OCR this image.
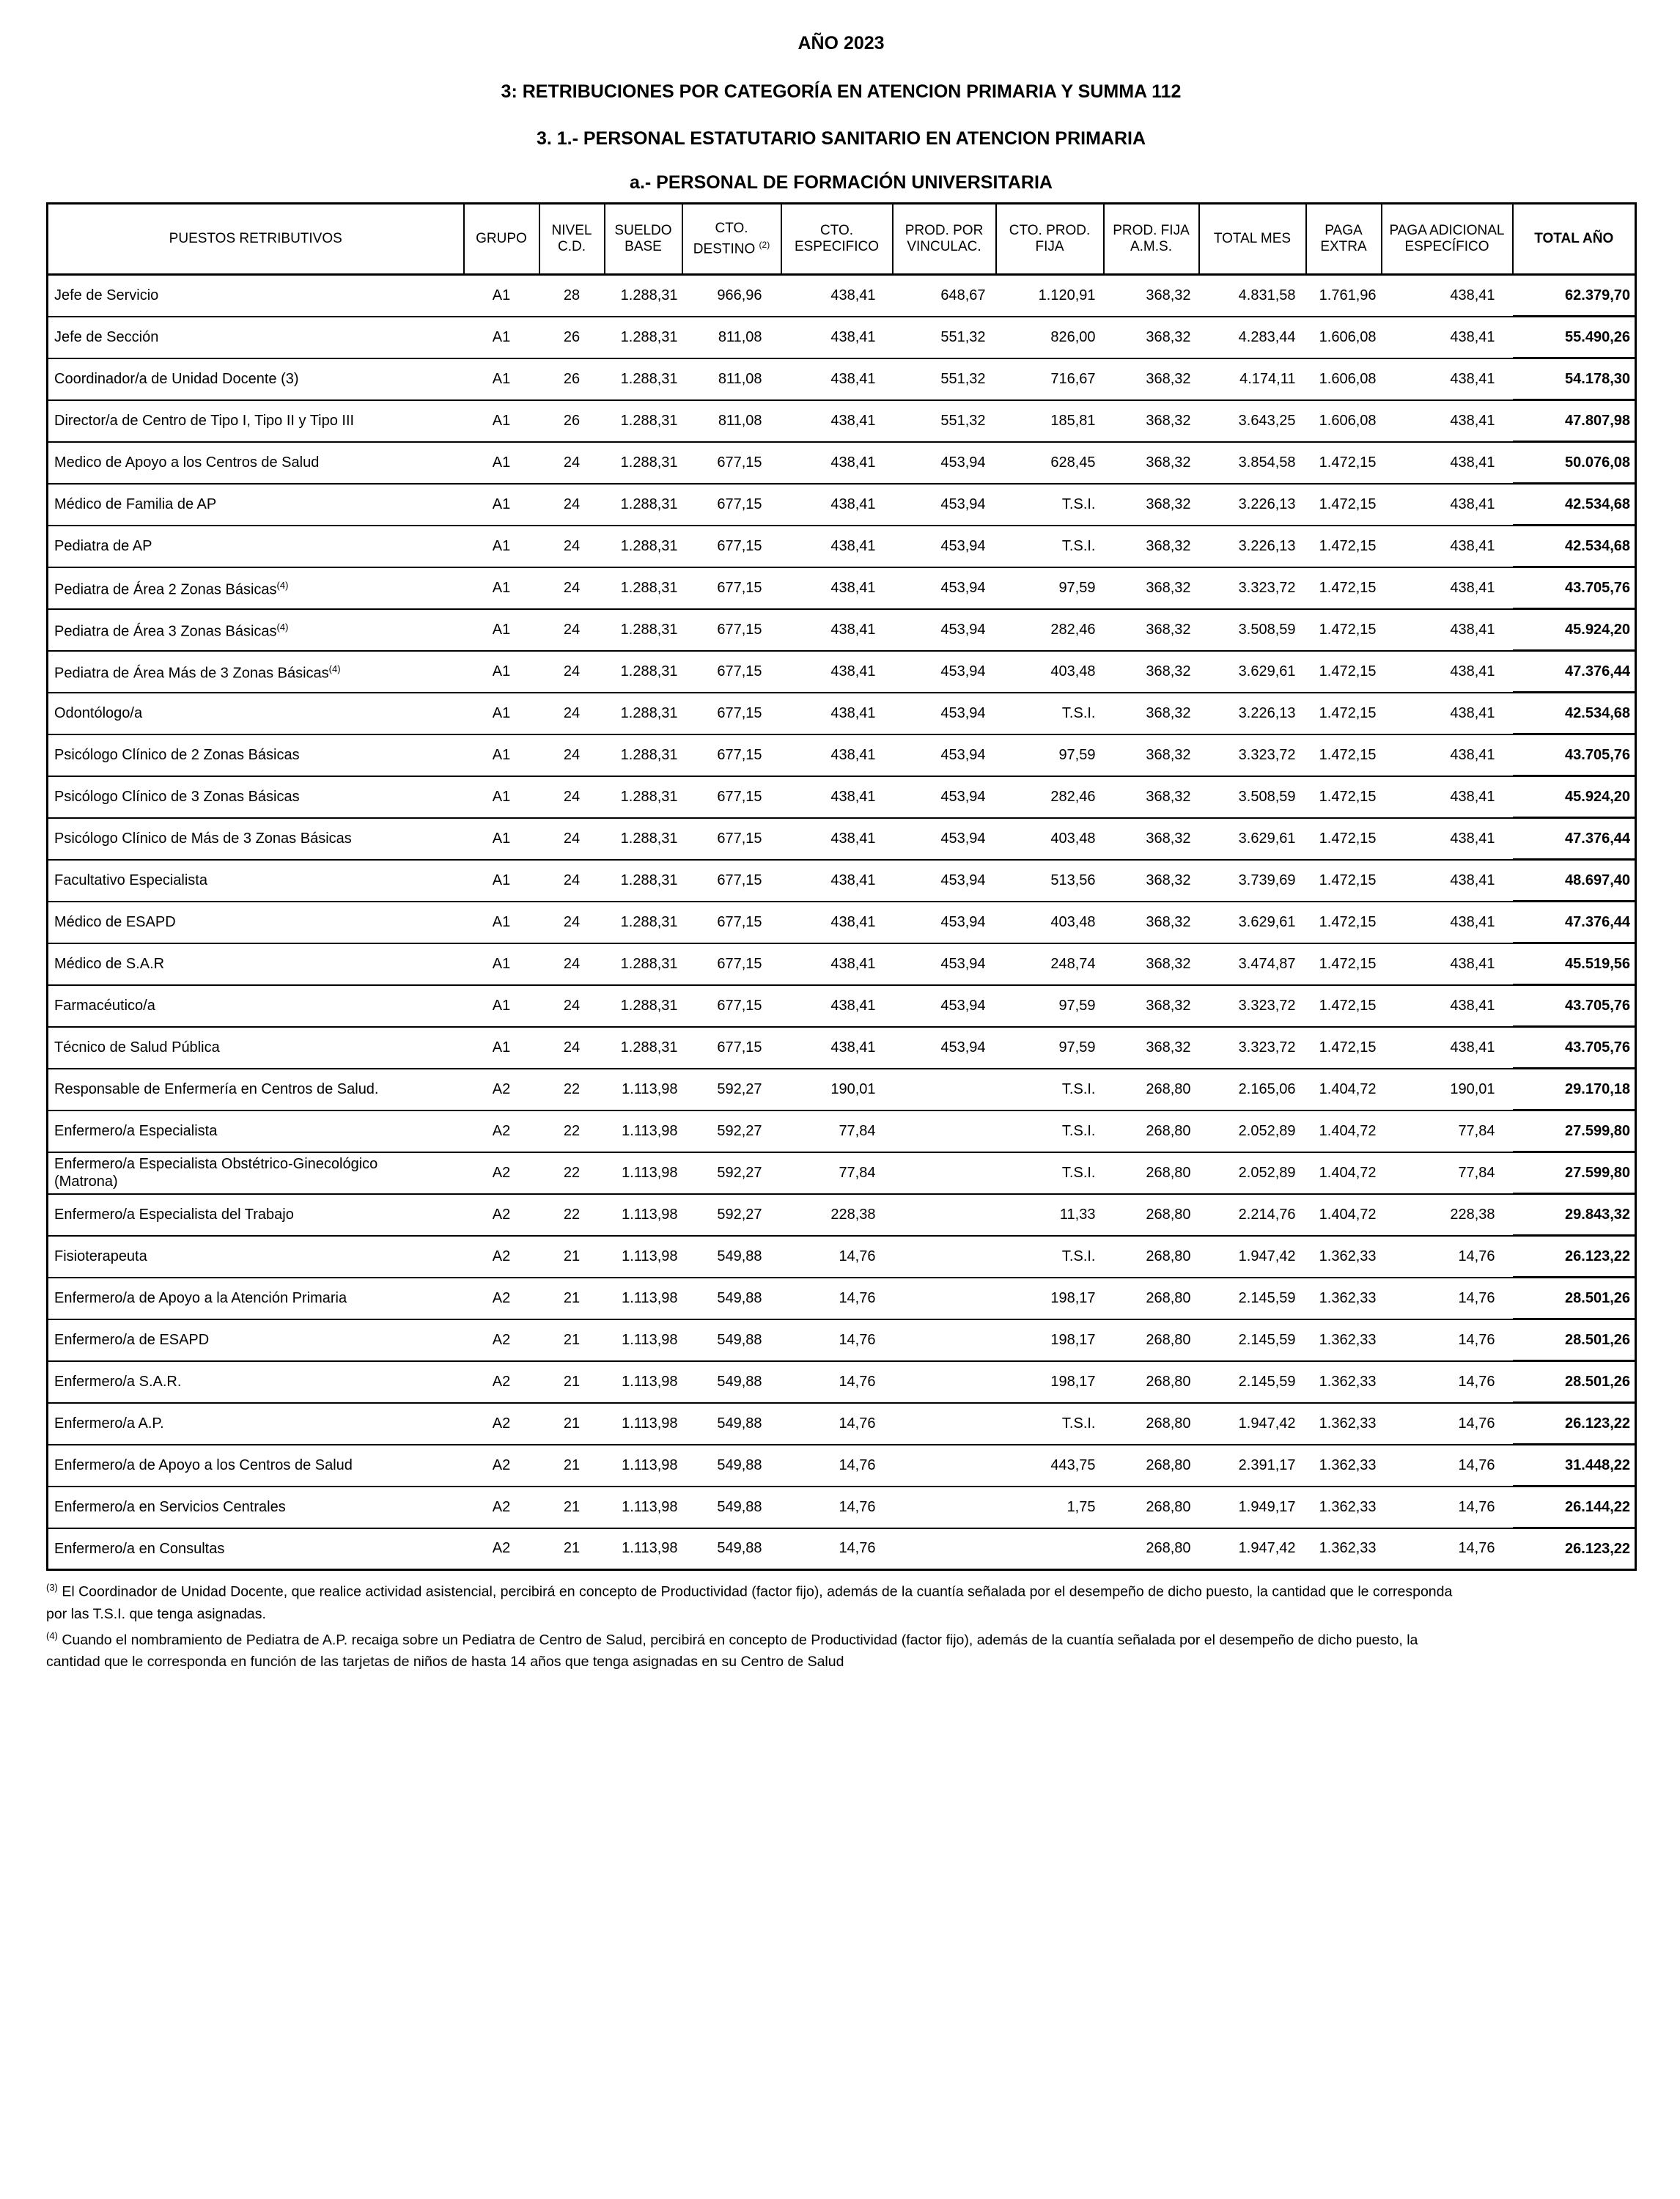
AÑO 2023
3: RETRIBUCIONES POR CATEGORÍA EN ATENCION PRIMARIA Y SUMMA 112
3. 1.- PERSONAL ESTATUTARIO SANITARIO EN ATENCION PRIMARIA
a.- PERSONAL DE FORMACIÓN UNIVERSITARIA
PUESTOS RETRIBUTIVOS	GRUPO	NIVEL C.D.	SUELDO BASE	CTO. DESTINO $^{(2)}$	CTO. ESPECIFICO	PROD. POR VINCULAC.	CTO. PROD. FIJA	PROD. FIJA A.M.S.	TOTAL MES	PAGA EXTRA	PAGA ADICIONAL ESPECÍFICO	TOTAL AÑO
Jefe de Servicio	A1	28	1.288,31	966,96	438,41	648,67	1.120,91	368,32	4.831,58	1.761,96	438,41	62.379,70
Jefe de Sección	A1	26	1.288,31	811,08	438,41	551,32	826,00	368,32	4.283,44	1.606,08	438,41	55.490,26
Coordinador/a de Unidad Docente (3)	A1	26	1.288,31	811,08	438,41	551,32	716,67	368,32	4.174,11	1.606,08	438,41	54.178,30
Director/a de Centro de Tipo I, Tipo II y Tipo III	A1	26	1.288,31	811,08	438,41	551,32	185,81	368,32	3.643,25	1.606,08	438,41	47.807,98
Medico de Apoyo a los Centros de Salud	A1	24	1.288,31	677,15	438,41	453,94	628,45	368,32	3.854,58	1.472,15	438,41	50.076,08
Médico de Familia de AP	A1	24	1.288,31	677,15	438,41	453,94	T.S.I.	368,32	3.226,13	1.472,15	438,41	42.534,68
Pediatra de AP	A1	24	1.288,31	677,15	438,41	453,94	T.S.I.	368,32	3.226,13	1.472,15	438,41	42.534,68
Pediatra de Área 2 Zonas Básicas$^{(4)}$	A1	24	1.288,31	677,15	438,41	453,94	97,59	368,32	3.323,72	1.472,15	438,41	43.705,76
Pediatra de Área 3 Zonas Básicas$^{(4)}$	A1	24	1.288,31	677,15	438,41	453,94	282,46	368,32	3.508,59	1.472,15	438,41	45.924,20
Pediatra de Área Más de 3 Zonas Básicas$^{(4)}$	A1	24	1.288,31	677,15	438,41	453,94	403,48	368,32	3.629,61	1.472,15	438,41	47.376,44
Odontólogo/a	A1	24	1.288,31	677,15	438,41	453,94	T.S.I.	368,32	3.226,13	1.472,15	438,41	42.534,68
Psicólogo Clínico de 2 Zonas Básicas	A1	24	1.288,31	677,15	438,41	453,94	97,59	368,32	3.323,72	1.472,15	438,41	43.705,76
Psicólogo Clínico de 3 Zonas Básicas	A1	24	1.288,31	677,15	438,41	453,94	282,46	368,32	3.508,59	1.472,15	438,41	45.924,20
Psicólogo Clínico de Más de 3 Zonas Básicas	A1	24	1.288,31	677,15	438,41	453,94	403,48	368,32	3.629,61	1.472,15	438,41	47.376,44
Facultativo Especialista	A1	24	1.288,31	677,15	438,41	453,94	513,56	368,32	3.739,69	1.472,15	438,41	48.697,40
Médico de ESAPD	A1	24	1.288,31	677,15	438,41	453,94	403,48	368,32	3.629,61	1.472,15	438,41	47.376,44
Médico de S.A.R	A1	24	1.288,31	677,15	438,41	453,94	248,74	368,32	3.474,87	1.472,15	438,41	45.519,56
Farmacéutico/a	A1	24	1.288,31	677,15	438,41	453,94	97,59	368,32	3.323,72	1.472,15	438,41	43.705,76
Técnico de Salud Pública	A1	24	1.288,31	677,15	438,41	453,94	97,59	368,32	3.323,72	1.472,15	438,41	43.705,76
Responsable de Enfermería en Centros de Salud.	A2	22	1.113,98	592,27	190,01		T.S.I.	268,80	2.165,06	1.404,72	190,01	29.170,18
Enfermero/a Especialista	A2	22	1.113,98	592,27	77,84		T.S.I.	268,80	2.052,89	1.404,72	77,84	27.599,80
Enfermero/a Especialista Obstétrico-Ginecológico
(Matrona)	A2	22	1.113,98	592,27	77,84		T.S.I.	268,80	2.052,89	1.404,72	77,84	27.599,80
Enfermero/a Especialista del Trabajo	A2	22	1.113,98	592,27	228,38		11,33	268,80	2.214,76	1.404,72	228,38	29.843,32
Fisioterapeuta	A2	21	1.113,98	549,88	14,76		T.S.I.	268,80	1.947,42	1.362,33	14,76	26.123,22
Enfermero/a de Apoyo a la Atención Primaria	A2	21	1.113,98	549,88	14,76		198,17	268,80	2.145,59	1.362,33	14,76	28.501,26
Enfermero/a de ESAPD	A2	21	1.113,98	549,88	14,76		198,17	268,80	2.145,59	1.362,33	14,76	28.501,26
Enfermero/a S.A.R.	A2	21	1.113,98	549,88	14,76		198,17	268,80	2.145,59	1.362,33	14,76	28.501,26
Enfermero/a A.P.	A2	21	1.113,98	549,88	14,76		T.S.I.	268,80	1.947,42	1.362,33	14,76	26.123,22
Enfermero/a de Apoyo a los Centros de Salud	A2	21	1.113,98	549,88	14,76		443,75	268,80	2.391,17	1.362,33	14,76	31.448,22
Enfermero/a en Servicios Centrales	A2	21	1.113,98	549,88	14,76		1,75	268,80	1.949,17	1.362,33	14,76	26.144,22
Enfermero/a en Consultas	A2	21	1.113,98	549,88	14,76			268,80	1.947,42	1.362,33	14,76	26.123,22

$^{(3)}$ El Coordinador de Unidad Docente, que realice actividad asistencial, percibirá en concepto de Productividad (factor fijo), además de la cuantía señalada por el desempeño de dicho puesto, la cantidad que le corresponda
por las T.S.I. que tenga asignadas.

$^{(4)}$ Cuando el nombramiento de Pediatra de A.P. recaiga sobre un Pediatra de Centro de Salud, percibirá en concepto de Productividad (factor fijo), además de la cuantía señalada por el desempeño de dicho puesto, la
cantidad que le corresponda en función de las tarjetas de niños de hasta 14 años que tenga asignadas en su Centro de Salud
